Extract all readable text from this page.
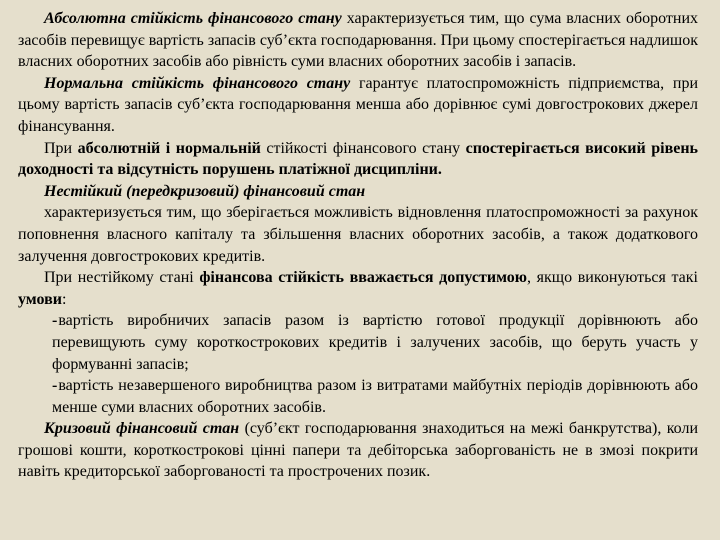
Абсолютна стійкість фінансового стану характеризується тим, що сума власних оборотних засобів перевищує вартість запасів суб’єкта господарювання. При цьому спостерігається надлишок власних оборотних засобів або рівність суми власних оборотних засобів і запасів.

Нормальна стійкість фінансового стану гарантує платоспроможність підприємства, при цьому вартість запасів суб’єкта господарювання менша або дорівнює сумі довгострокових джерел фінансування.

При абсолютній і нормальній стійкості фінансового стану спостерігається високий рівень доходності та відсутність порушень платіжної дисципліни.

Нестійкий (передкризовий) фінансовий стан

характеризується тим, що зберігається можливість відновлення платоспроможності за рахунок поповнення власного капіталу та збільшення власних оборотних засобів, а також додаткового залучення довгострокових кредитів.

При нестійкому стані фінансова стійкість вважається допустимою, якщо виконуються такі умови:

-вартість виробничих запасів разом із вартістю готової продукції дорівнюють або перевищують суму короткострокових кредитів і залучених засобів, що беруть участь у формуванні запасів;

-вартість незавершеного виробництва разом із витратами майбутніх періодів дорівнюють або менше суми власних оборотних засобів.

Кризовий фінансовий стан (суб’єкт господарювання знаходиться на межі банкрутства), коли грошові кошти, короткострокові цінні папери та дебіторська заборгованість не в змозі покрити навіть кредиторської заборгованості та прострочених позик.
